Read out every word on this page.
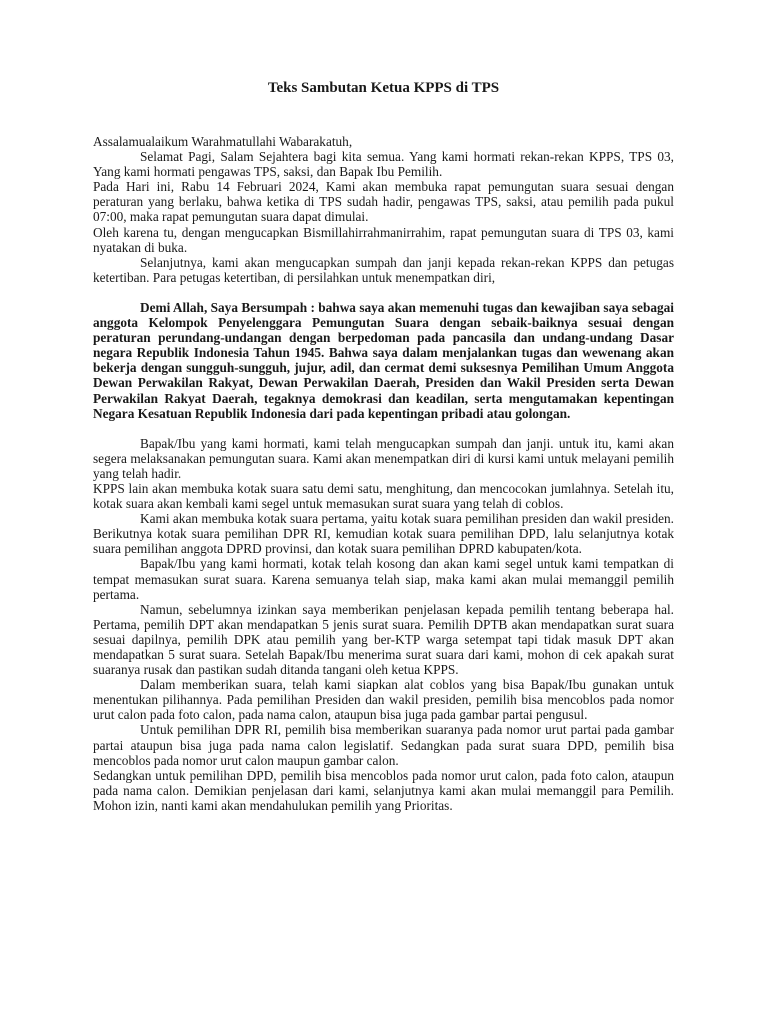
Teks Sambutan Ketua KPPS di TPS

Assalamualaikum Warahmatullahi Wabarakatuh,

Selamat Pagi, Salam Sejahtera bagi kita semua. Yang kami hormati rekan-rekan KPPS, TPS 03, Yang kami hormati pengawas TPS, saksi, dan Bapak Ibu Pemilih.

Pada Hari ini, Rabu 14 Februari 2024, Kami akan membuka rapat pemungutan suara sesuai dengan peraturan yang berlaku, bahwa ketika di TPS sudah hadir, pengawas TPS, saksi, atau pemilih pada pukul 07:00, maka rapat pemungutan suara dapat dimulai.

Oleh karena tu, dengan mengucapkan Bismillahirrahmanirrahim, rapat pemungutan suara di TPS 03, kami nyatakan di buka.

Selanjutnya, kami akan mengucapkan sumpah dan janji kepada rekan-rekan KPPS dan petugas ketertiban. Para petugas ketertiban, di persilahkan untuk menempatkan diri,

Demi Allah, Saya Bersumpah : bahwa saya akan memenuhi tugas dan kewajiban saya sebagai anggota Kelompok Penyelenggara Pemungutan Suara dengan sebaik-baiknya sesuai dengan peraturan perundang-undangan dengan berpedoman pada pancasila dan undang-undang Dasar negara Republik Indonesia Tahun 1945. Bahwa saya dalam menjalankan tugas dan wewenang akan bekerja dengan sungguh-sungguh, jujur, adil, dan cermat demi suksesnya Pemilihan Umum Anggota Dewan Perwakilan Rakyat, Dewan Perwakilan Daerah, Presiden dan Wakil Presiden serta Dewan Perwakilan Rakyat Daerah, tegaknya demokrasi dan keadilan, serta mengutamakan kepentingan Negara Kesatuan Republik Indonesia dari pada kepentingan pribadi atau golongan.

Bapak/Ibu yang kami hormati, kami telah mengucapkan sumpah dan janji. untuk itu, kami akan segera melaksanakan pemungutan suara. Kami akan menempatkan diri di kursi kami untuk melayani pemilih yang telah hadir.

KPPS lain akan membuka kotak suara satu demi satu, menghitung, dan mencocokan jumlahnya. Setelah itu, kotak suara akan kembali kami segel untuk memasukan surat suara yang telah di coblos.

Kami akan membuka kotak suara pertama, yaitu kotak suara pemilihan presiden dan wakil presiden. Berikutnya kotak suara pemilihan DPR RI, kemudian kotak suara pemilihan DPD, lalu selanjutnya kotak suara pemilihan anggota DPRD provinsi, dan kotak suara pemilihan DPRD kabupaten/kota.

Bapak/Ibu yang kami hormati, kotak telah kosong dan akan kami segel untuk kami tempatkan di tempat memasukan surat suara. Karena semuanya telah siap, maka kami akan mulai memanggil pemilih pertama.

Namun, sebelumnya izinkan saya memberikan penjelasan kepada pemilih tentang beberapa hal. Pertama, pemilih DPT akan mendapatkan 5 jenis surat suara. Pemilih DPTB akan mendapatkan surat suara sesuai dapilnya, pemilih DPK atau pemilih yang ber-KTP warga setempat tapi tidak masuk DPT akan mendapatkan 5 surat suara. Setelah Bapak/Ibu menerima surat suara dari kami, mohon di cek apakah surat suaranya rusak dan pastikan sudah ditanda tangani oleh ketua KPPS.

Dalam memberikan suara, telah kami siapkan alat coblos yang bisa Bapak/Ibu gunakan untuk menentukan pilihannya. Pada pemilihan Presiden dan wakil presiden, pemilih bisa mencoblos pada nomor urut calon pada foto calon, pada nama calon, ataupun bisa juga pada gambar partai pengusul.

Untuk pemilihan DPR RI, pemilih bisa memberikan suaranya pada nomor urut partai pada gambar partai ataupun bisa juga pada nama calon legislatif. Sedangkan pada surat suara DPD, pemilih bisa mencoblos pada nomor urut calon maupun gambar calon.

Sedangkan untuk pemilihan DPD, pemilih bisa mencoblos pada nomor urut calon, pada foto calon, ataupun pada nama calon. Demikian penjelasan dari kami, selanjutnya kami akan mulai memanggil para Pemilih. Mohon izin, nanti kami akan mendahulukan pemilih yang Prioritas.
